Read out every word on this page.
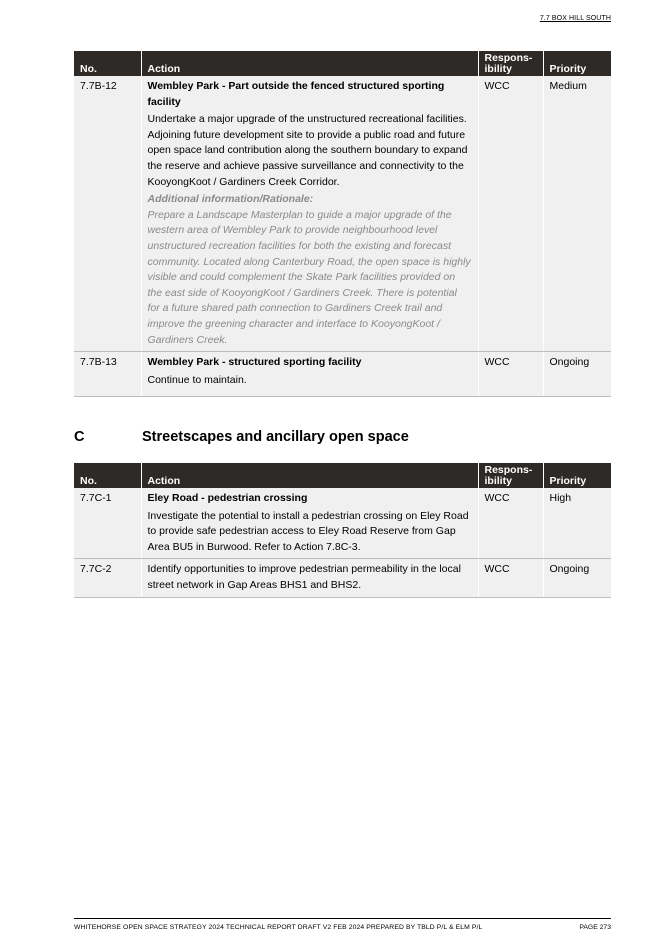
7.7 BOX HILL SOUTH
No.	Action	Respons-
ibility	Priority
7.7B-12	Wembley Park - Part outside the fenced structured sporting facility
Undertake a major upgrade of the unstructured recreational facilities. Adjoining future development site to provide a public road and future open space land contribution along the southern boundary to expand the reserve and achieve passive surveillance and connectivity to the KooyongKoot / Gardiners Creek Corridor.
Additional information/Rationale:
Prepare a Landscape Masterplan to guide a major upgrade of the western area of Wembley Park to provide neighbourhood level unstructured recreation facilities for both the existing and forecast community. Located along Canterbury Road, the open space is highly visible and could complement the Skate Park facilities provided on the east side of KooyongKoot / Gardiners Creek. There is potential for a future shared path connection to Gardiners Creek trail and improve the greening character and interface to KooyongKoot / Gardiners Creek.	WCC	Medium
7.7B-13	Wembley Park - structured sporting facility
Continue to maintain.	WCC	Ongoing
C	Streetscapes and ancillary open space
No.	Action	Respons-
ibility	Priority
7.7C-1	Eley Road - pedestrian crossing
Investigate the potential to install a pedestrian crossing on Eley Road to provide safe pedestrian access to Eley Road Reserve from Gap Area BU5 in Burwood. Refer to Action 7.8C-3.	WCC	High
7.7C-2	Identify opportunities to improve pedestrian permeability in the local street network in Gap Areas BHS1 and BHS2.	WCC	Ongoing
WHITEHORSE OPEN SPACE STRATEGY 2024 TECHNICAL REPORT DRAFT V2 FEB 2024 PREPARED BY TBLD P/L & ELM P/L	PAGE 273
